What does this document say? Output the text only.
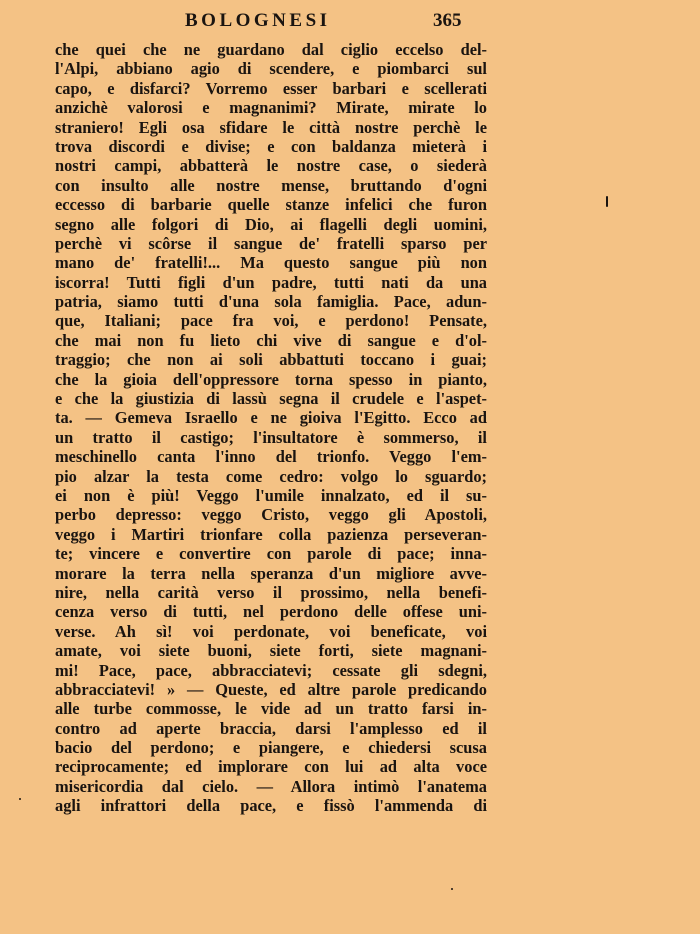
BOLOGNESI	365
che quei che ne guardano dal ciglio eccelso del-
l'Alpi, abbiano agio di scendere, e piombarci sul
capo, e disfarci? Vorremo esser barbari e scellerati
anzichè valorosi e magnanimi? Mirate, mirate lo
straniero! Egli osa sfidare le città nostre perchè le
trova discordi e divise; e con baldanza mieterà i
nostri campi, abbatterà le nostre case, o siederà
con insulto alle nostre mense, bruttando d'ogni
eccesso di barbarie quelle stanze infelici che furon
segno alle folgori di Dio, ai flagelli degli uomini,
perchè vi scôrse il sangue de' fratelli sparso per
mano de' fratelli!... Ma questo sangue più non
iscorra! Tutti figli d'un padre, tutti nati da una
patria, siamo tutti d'una sola famiglia. Pace, adun-
que, Italiani; pace fra voi, e perdono! Pensate,
che mai non fu lieto chi vive di sangue e d'ol-
traggio; che non ai soli abbattuti toccano i guai;
che la gioia dell'oppressore torna spesso in pianto,
e che la giustizia di lassù segna il crudele e l'aspet-
ta. — Gemeva Israello e ne gioiva l'Egitto. Ecco ad
un tratto il castigo; l'insultatore è sommerso, il
meschinello canta l'inno del trionfo. Veggo l'em-
pio alzar la testa come cedro: volgo lo sguardo;
ei non è più! Veggo l'umile innalzato, ed il su-
perbo depresso: veggo Cristo, veggo gli Apostoli,
veggo i Martiri trionfare colla pazienza perseveran-
te; vincere e convertire con parole di pace; inna-
morare la terra nella speranza d'un migliore avve-
nire, nella carità verso il prossimo, nella benefi-
cenza verso di tutti, nel perdono delle offese uni-
verse. Ah sì! voi perdonate, voi beneficate, voi
amate, voi siete buoni, siete forti, siete magnani-
mi! Pace, pace, abbracciatevi; cessate gli sdegni,
abbracciatevi! » — Queste, ed altre parole predicando
alle turbe commosse, le vide ad un tratto farsi in-
contro ad aperte braccia, darsi l'amplesso ed il
bacio del perdono; e piangere, e chiedersi scusa
reciprocamente; ed implorare con lui ad alta voce
misericordia dal cielo. — Allora intimò l'anatema
agli infrattori della pace, e fissò l'ammenda di
